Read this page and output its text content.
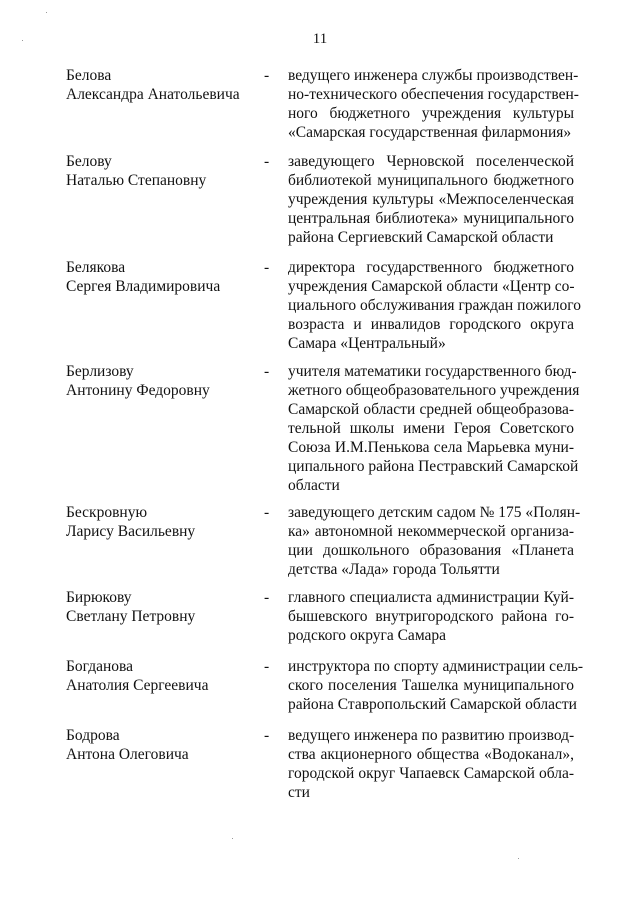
11
Белова
Александра Анатольевича
- ведущего инженера службы производствен-
но-технического обеспечения государствен-
ного бюджетного учреждения культуры
«Самарская государственная филармония»
Белову
Наталью Степановну
- заведующего Черновской поселенческой
библиотекой муниципального бюджетного
учреждения культуры «Межпоселенческая
центральная библиотека» муниципального
района Сергиевский Самарской области
Белякова
Сергея Владимировича
- директора государственного бюджетного
учреждения Самарской области «Центр со-
циального обслуживания граждан пожилого
возраста и инвалидов городского округа
Самара «Центральный»
Берлизову
Антонину Федоровну
- учителя математики государственного бюд-
жетного общеобразовательного учреждения
Самарской области средней общеобразова-
тельной школы имени Героя Советского
Союза И.М.Пенькова села Марьевка муни-
ципального района Пестравский Самарской
области
Бескровную
Ларису Васильевну
- заведующего детским садом № 175 «Полян-
ка» автономной некоммерческой организа-
ции дошкольного образования «Планета
детства «Лада» города Тольятти
Бирюкову
Светлану Петровну
- главного специалиста администрации Куй-
бышевского внутригородского района го-
родского округа Самара
Богданова
Анатолия Сергеевича
- инструктора по спорту администрации сель-
ского поселения Ташелка муниципального
района Ставропольский Самарской области
Бодрова
Антона Олеговича
- ведущего инженера по развитию производ-
ства акционерного общества «Водоканал»,
городской округ Чапаевск Самарской обла-
сти
